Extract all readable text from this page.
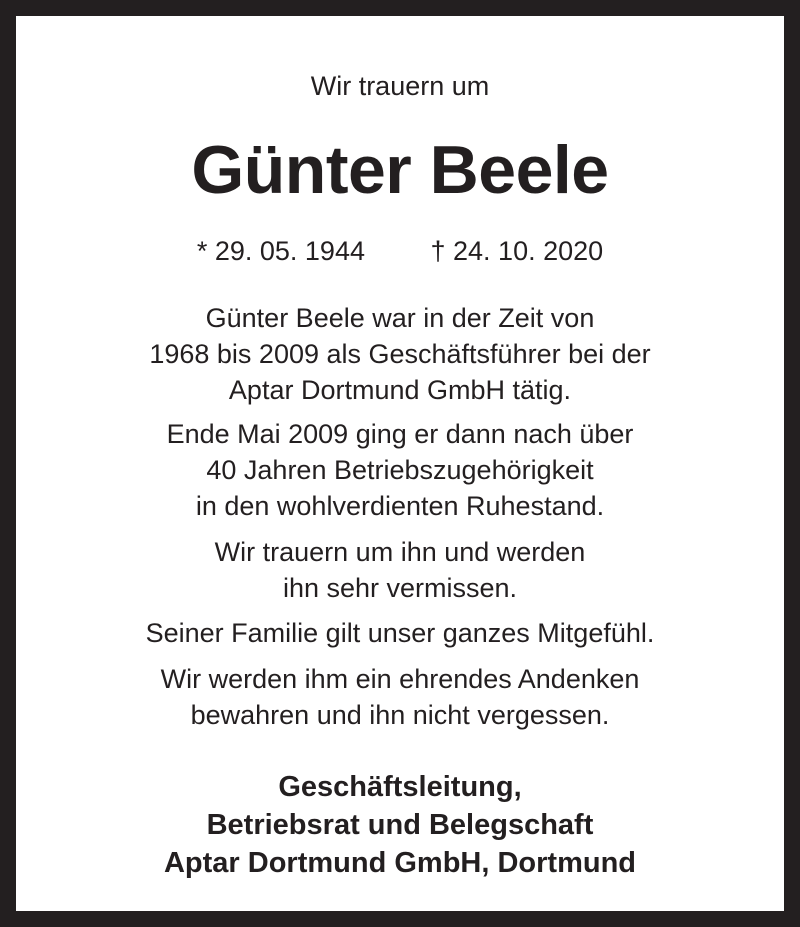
Wir trauern um
Günter Beele
* 29. 05. 1944 † 24. 10. 2020
Günter Beele war in der Zeit von
1968 bis 2009 als Geschäftsführer bei der
Aptar Dortmund GmbH tätig.
Ende Mai 2009 ging er dann nach über
40 Jahren Betriebszugehörigkeit
in den wohlverdienten Ruhestand.
Wir trauern um ihn und werden
ihn sehr vermissen.
Seiner Familie gilt unser ganzes Mitgefühl.
Wir werden ihm ein ehrendes Andenken
bewahren und ihn nicht vergessen.
Geschäftsleitung,
Betriebsrat und Belegschaft
Aptar Dortmund GmbH, Dortmund
